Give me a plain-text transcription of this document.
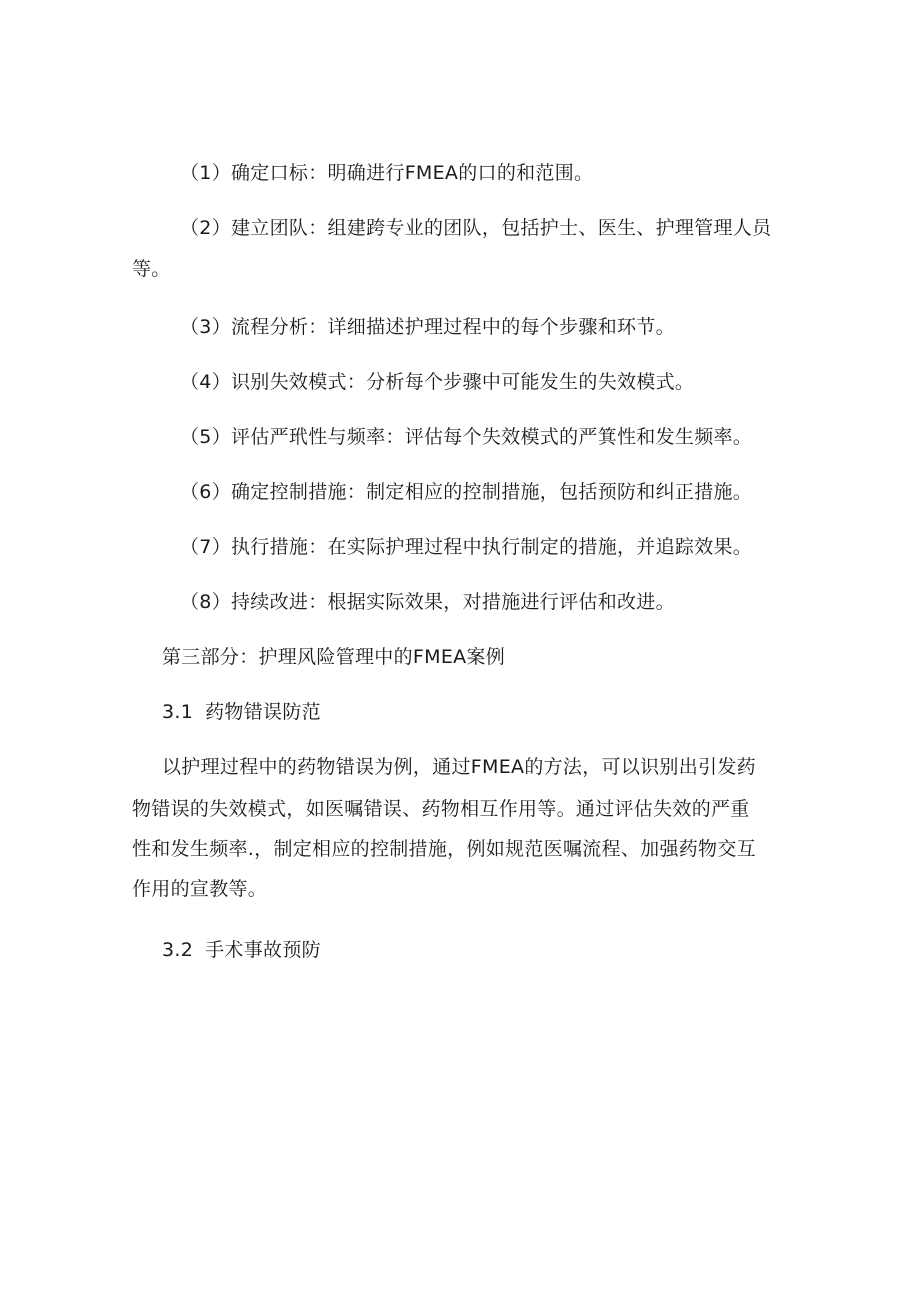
（1）确定口标：明确进行FMEA的口的和范围。
（2）建立团队：组建跨专业的团队，包括护士、医生、护理管理人员
等。
（3）流程分析：详细描述护理过程中的每个步骤和环节。
（4）识别失效模式：分析每个步骤中可能发生的失效模式。
（5）评估严玳性与频率：评估每个失效模式的严箕性和发生频率。
（6）确定控制措施：制定相应的控制措施，包括预防和纠正措施。
（7）执行措施：在实际护理过程中执行制定的措施，并追踪效果。
（8）持续改进：根据实际效果，对措施进行评估和改进。
第三部分：护理风险管理中的FMEA案例
3.1 药物错误防范
以护理过程中的药物错误为例，通过FMEA的方法，可以识别出引发药
物错误的失效模式，如医嘱错误、药物相互作用等。通过评估失效的严重
性和发生频率.，制定相应的控制措施，例如规范医嘱流程、加强药物交互
作用的宣教等。
3.2 手术事故预防
